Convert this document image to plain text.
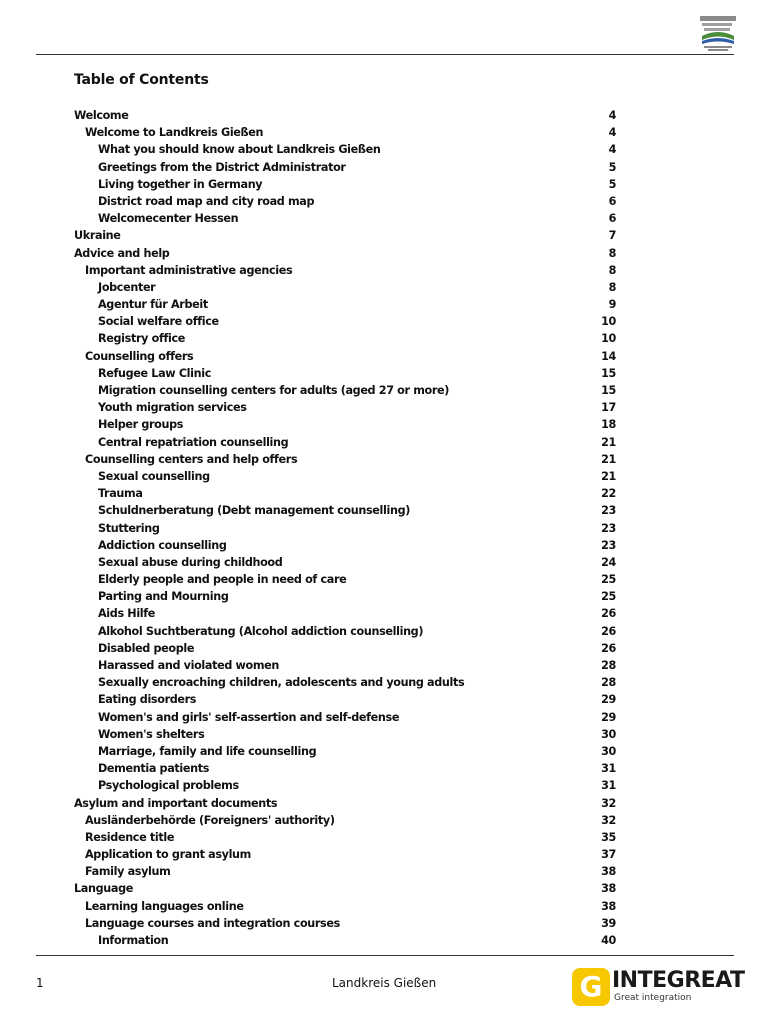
Table of Contents
Welcome	4
Welcome to Landkreis Gießen	4
What you should know about Landkreis Gießen	4
Greetings from the District Administrator	5
Living together in Germany	5
District road map and city road map	6
Welcomecenter Hessen	6
Ukraine	7
Advice and help	8
Important administrative agencies	8
Jobcenter	8
Agentur für Arbeit	9
Social welfare office	10
Registry office	10
Counselling offers	14
Refugee Law Clinic	15
Migration counselling centers for adults (aged 27 or more)	15
Youth migration services	17
Helper groups	18
Central repatriation counselling	21
Counselling centers and help offers	21
Sexual counselling	21
Trauma	22
Schuldnerberatung (Debt management counselling)	23
Stuttering	23
Addiction counselling	23
Sexual abuse during childhood	24
Elderly people and people in need of care	25
Parting and Mourning	25
Aids Hilfe	26
Alkohol Suchtberatung (Alcohol addiction counselling)	26
Disabled people	26
Harassed and violated women	28
Sexually encroaching children, adolescents and young adults	28
Eating disorders	29
Women's and girls' self-assertion and self-defense	29
Women's shelters	30
Marriage, family and life counselling	30
Dementia patients	31
Psychological problems	31
Asylum and important documents	32
Ausländerbehörde (Foreigners' authority)	32
Residence title	35
Application to grant asylum	37
Family asylum	38
Language	38
Learning languages online	38
Language courses and integration courses	39
Information	40
1	Landkreis Gießen	G INTEGREAT
Great integration
